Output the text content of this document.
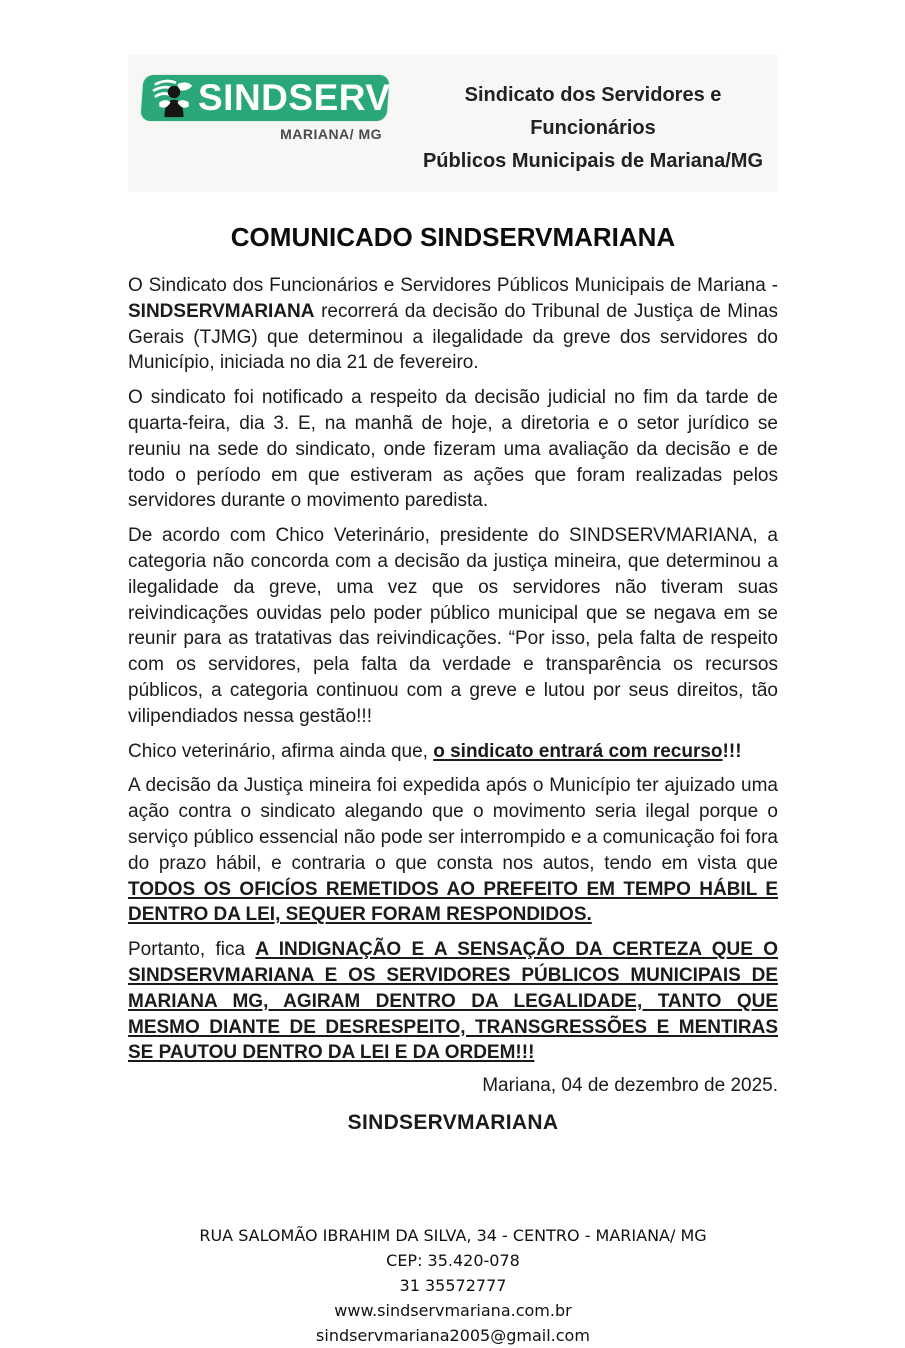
SINDSERV
MARIANA/ MG
Sindicato dos Servidores e Funcionários
Públicos Municipais de Mariana/MG
COMUNICADO SINDSERVMARIANA

O Sindicato dos Funcionários e Servidores Públicos Municipais de Mariana - SINDSERVMARIANA recorrerá da decisão do Tribunal de Justiça de Minas Gerais (TJMG) que determinou a ilegalidade da greve dos servidores do Município, iniciada no dia 21 de fevereiro.

O sindicato foi notificado a respeito da decisão judicial no fim da tarde de quarta-feira, dia 3. E, na manhã de hoje, a diretoria e o setor jurídico se reuniu na sede do sindicato, onde fizeram uma avaliação da decisão e de todo o período em que estiveram as ações que foram realizadas pelos servidores durante o movimento paredista.

De acordo com Chico Veterinário, presidente do SINDSERVMARIANA, a categoria não concorda com a decisão da justiça mineira, que determinou a ilegalidade da greve, uma vez que os servidores não tiveram suas reivindicações ouvidas pelo poder público municipal que se negava em se reunir para as tratativas das reivindicações. “Por isso, pela falta de respeito com os servidores, pela falta da verdade e transparência os recursos públicos, a categoria continuou com a greve e lutou por seus direitos, tão vilipendiados nessa gestão!!!

Chico veterinário, afirma ainda que, o sindicato entrará com recurso!!!

A decisão da Justiça mineira foi expedida após o Município ter ajuizado uma ação contra o sindicato alegando que o movimento seria ilegal porque o serviço público essencial não pode ser interrompido e a comunicação foi fora do prazo hábil, e contraria o que consta nos autos, tendo em vista que TODOS OS OFICÍOS REMETIDOS AO PREFEITO EM TEMPO HÁBIL E DENTRO DA LEI, SEQUER FORAM RESPONDIDOS.

Portanto, fica A INDIGNAÇÃO E A SENSAÇÃO DA CERTEZA QUE O SINDSERVMARIANA E OS SERVIDORES PÚBLICOS MUNICIPAIS DE MARIANA MG, AGIRAM DENTRO DA LEGALIDADE, TANTO QUE MESMO DIANTE DE DESRESPEITO, TRANSGRESSÕES E MENTIRAS SE PAUTOU DENTRO DA LEI E DA ORDEM!!!

Mariana, 04 de dezembro de 2025.

SINDSERVMARIANA

RUA SALOMÃO IBRAHIM DA SILVA, 34 - CENTRO - MARIANA/ MG
CEP: 35.420-078
31 35572777
www.sindservmariana.com.br
sindservmariana2005@gmail.com
